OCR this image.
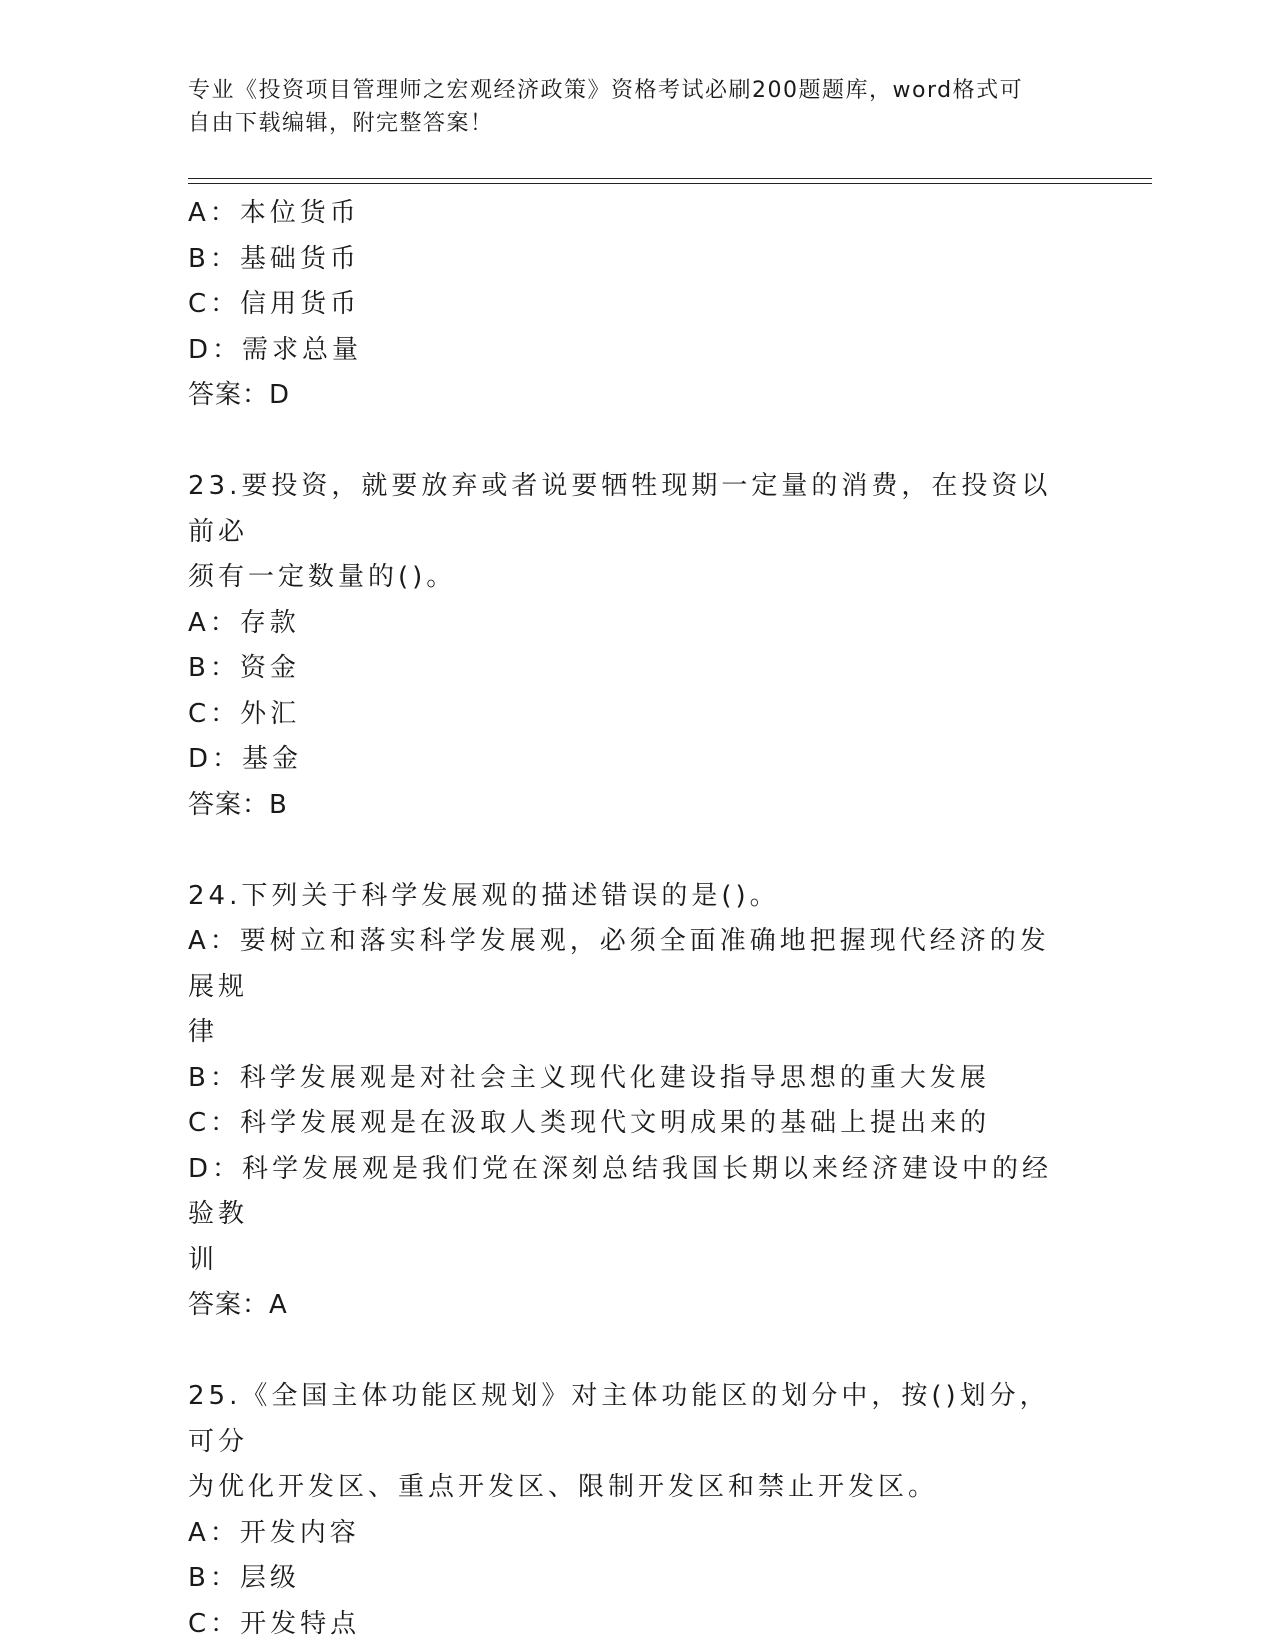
专业《投资项目管理师之宏观经济政策》资格考试必刷200题题库，word格式可
自由下载编辑，附完整答案！

A：本位货币

B：基础货币

C：信用货币

D：需求总量

答案：D

23.要投资，就要放弃或者说要牺牲现期一定量的消费，在投资以前必

须有一定数量的()。

A：存款

B：资金

C：外汇

D：基金

答案：B

24.下列关于科学发展观的描述错误的是()。

A：要树立和落实科学发展观，必须全面准确地把握现代经济的发展规

律

B：科学发展观是对社会主义现代化建设指导思想的重大发展

C：科学发展观是在汲取人类现代文明成果的基础上提出来的

D：科学发展观是我们党在深刻总结我国长期以来经济建设中的经验教

训

答案：A

25.《全国主体功能区规划》对主体功能区的划分中，按()划分，可分

为优化开发区、重点开发区、限制开发区和禁止开发区。

A：开发内容

B：层级

C：开发特点
